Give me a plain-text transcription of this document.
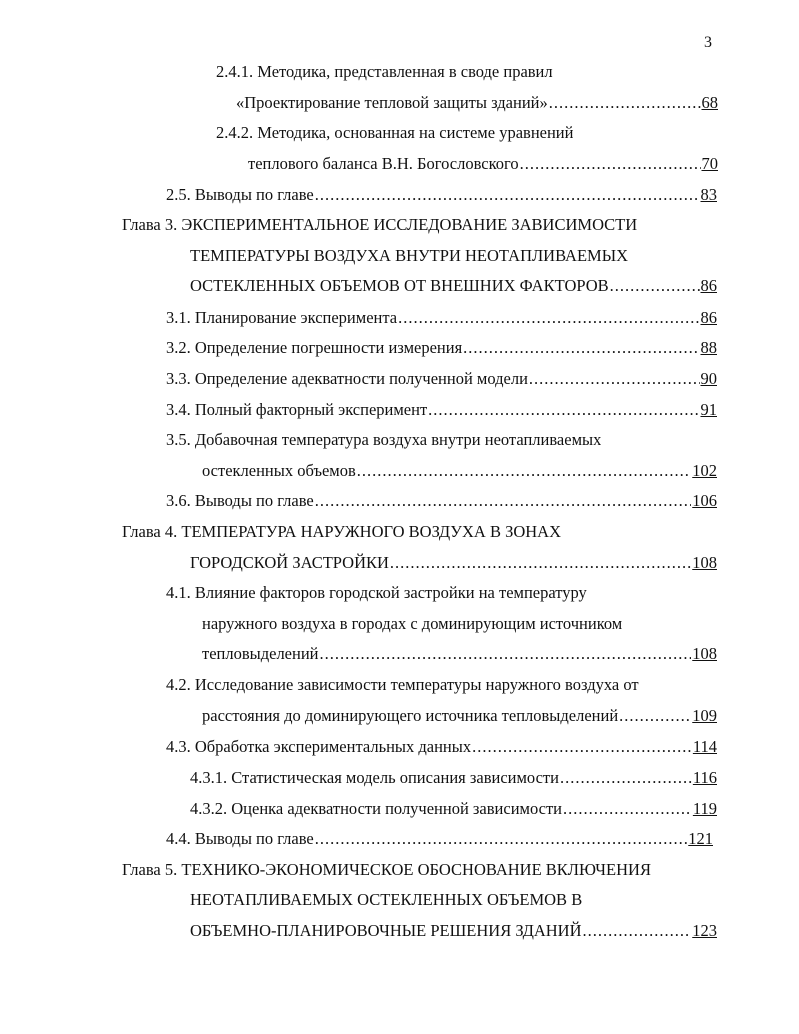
3
2.4.1. Методика, представленная в своде правил
«Проектирование тепловой защиты зданий» .....	68
2.4.2. Методика, основанная на системе уравнений
теплового баланса В.Н. Богословского .....	70
2.5. Выводы по главе .....	83
Глава 3. ЭКСПЕРИМЕНТАЛЬНОЕ ИССЛЕДОВАНИЕ ЗАВИСИМОСТИ
ТЕМПЕРАТУРЫ ВОЗДУХА ВНУТРИ НЕОТАПЛИВАЕМЫХ
ОСТЕКЛЕННЫХ ОБЪЕМОВ ОТ ВНЕШНИХ ФАКТОРОВ .....	86
3.1. Планирование эксперимента .....	86
3.2. Определение погрешности измерения .....	88
3.3. Определение адекватности полученной модели .....	90
3.4. Полный факторный эксперимент .....	91
3.5. Добавочная температура воздуха внутри неотапливаемых
остекленных объемов .....	102
3.6. Выводы по главе .....	106
Глава 4. ТЕМПЕРАТУРА НАРУЖНОГО ВОЗДУХА В ЗОНАХ
ГОРОДСКОЙ ЗАСТРОЙКИ .....	108
4.1. Влияние факторов городской застройки на температуру
наружного воздуха в городах с доминирующим источником
тепловыделений .....	108
4.2. Исследование зависимости температуры наружного воздуха от
расстояния до доминирующего источника тепловыделений .....	109
4.3. Обработка экспериментальных данных .....	114
4.3.1. Статистическая модель описания зависимости .....	116
4.3.2. Оценка адекватности полученной зависимости .....	119
4.4. Выводы по главе .....	121
Глава 5. ТЕХНИКО-ЭКОНОМИЧЕСКОЕ ОБОСНОВАНИЕ ВКЛЮЧЕНИЯ
НЕОТАПЛИВАЕМЫХ ОСТЕКЛЕННЫХ ОБЪЕМОВ В
ОБЪЕМНО-ПЛАНИРОВОЧНЫЕ РЕШЕНИЯ ЗДАНИЙ .....	123
